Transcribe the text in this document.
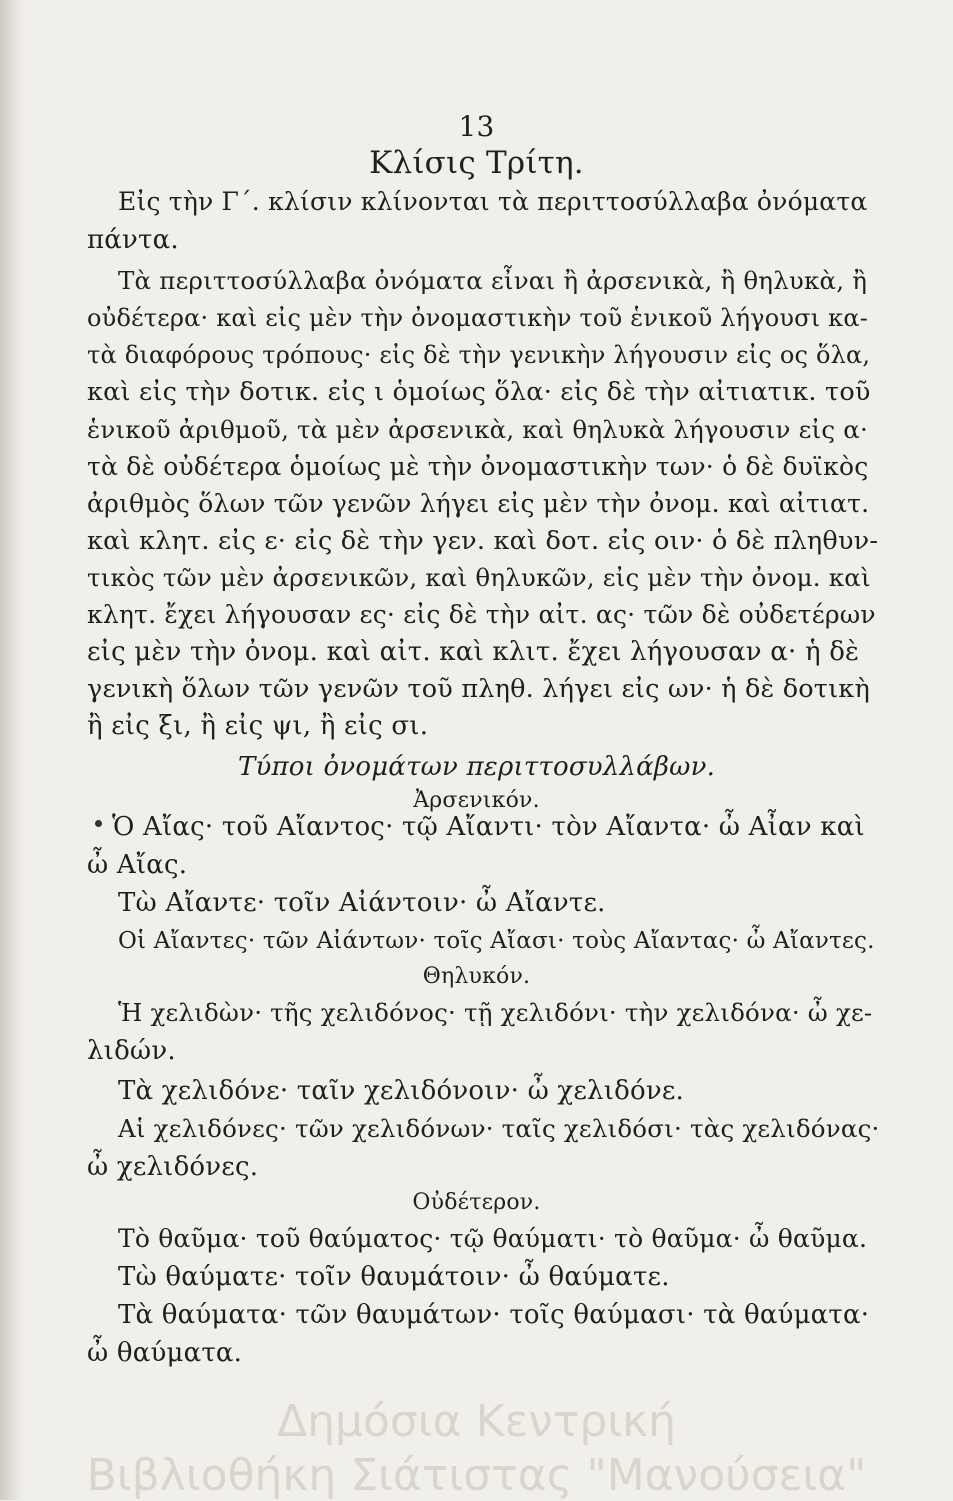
13
Κλίσις Τρίτη.
Εἰς τὴν Γ΄. κλίσιν κλίνονται τὰ περιττοσύλλαβα ὀνόματα
πάντα.
Τὰ περιττοσύλλαβα ὀνόματα εἶναι ἢ ἀρσενικὰ, ἢ θηλυκὰ, ἢ
οὐδέτερα· καὶ εἰς μὲν τὴν ὀνομαστικὴν τοῦ ἑνικοῦ λήγουσι κα-
τὰ διαφόρους τρόπους· εἰς δὲ τὴν γενικὴν λήγουσιν εἰς ος ὅλα,
καὶ εἰς τὴν δοτικ. εἰς ι ὁμοίως ὅλα· εἰς δὲ τὴν αἰτιατικ. τοῦ
ἑνικοῦ ἀριθμοῦ, τὰ μὲν ἀρσενικὰ, καὶ θηλυκὰ λήγουσιν εἰς α·
τὰ δὲ οὐδέτερα ὁμοίως μὲ τὴν ὀνομαστικὴν των· ὁ δὲ δυϊκὸς
ἀριθμὸς ὅλων τῶν γενῶν λήγει εἰς μὲν τὴν ὀνομ. καὶ αἰτιατ.
καὶ κλητ. εἰς ε· εἰς δὲ τὴν γεν. καὶ δοτ. εἰς οιν· ὁ δὲ πληθυν-
τικὸς τῶν μὲν ἀρσενικῶν, καὶ θηλυκῶν, εἰς μὲν τὴν ὀνομ. καὶ
κλητ. ἔχει λήγουσαν ες· εἰς δὲ τὴν αἰτ. ας· τῶν δὲ οὐδετέρων
εἰς μὲν τὴν ὀνομ. καὶ αἰτ. καὶ κλιτ. ἔχει λήγουσαν α· ἡ δὲ
γενικὴ ὅλων τῶν γενῶν τοῦ πληθ. λήγει εἰς ων· ἡ δὲ δοτικὴ
ἢ εἰς ξι, ἢ εἰς ψι, ἢ εἰς σι.
Τύποι ὀνομάτων περιττοσυλλάβων.
Ἀρσενικόν.
Ὁ Αἴας· τοῦ Αἴαντος· τῷ Αἴαντι· τὸν Αἴαντα· ὦ Αἶαν καὶ
ὦ Αἴας.
Τὼ Αἴαντε· τοῖν Αἰάντοιν· ὦ Αἴαντε.
Οἱ Αἴαντες· τῶν Αἰάντων· τοῖς Αἴασι· τοὺς Αἴαντας· ὦ Αἴαντες.
Θηλυκόν.
Ἡ χελιδὼν· τῆς χελιδόνος· τῇ χελιδόνι· τὴν χελιδόνα· ὦ χε-
λιδών.
Τὰ χελιδόνε· ταῖν χελιδόνοιν· ὦ χελιδόνε.
Αἱ χελιδόνες· τῶν χελιδόνων· ταῖς χελιδόσι· τὰς χελιδόνας·
ὦ χελιδόνες.
Οὐδέτερον.
Τὸ θαῦμα· τοῦ θαύματος· τῷ θαύματι· τὸ θαῦμα· ὦ θαῦμα.
Τὼ θαύματε· τοῖν θαυμάτοιν· ὦ θαύματε.
Τὰ θαύματα· τῶν θαυμάτων· τοῖς θαύμασι· τὰ θαύματα·
ὦ θαύματα.
Δημόσια Κεντρική
Βιβλιοθήκη Σιάτιστας "Μανούσεια"
